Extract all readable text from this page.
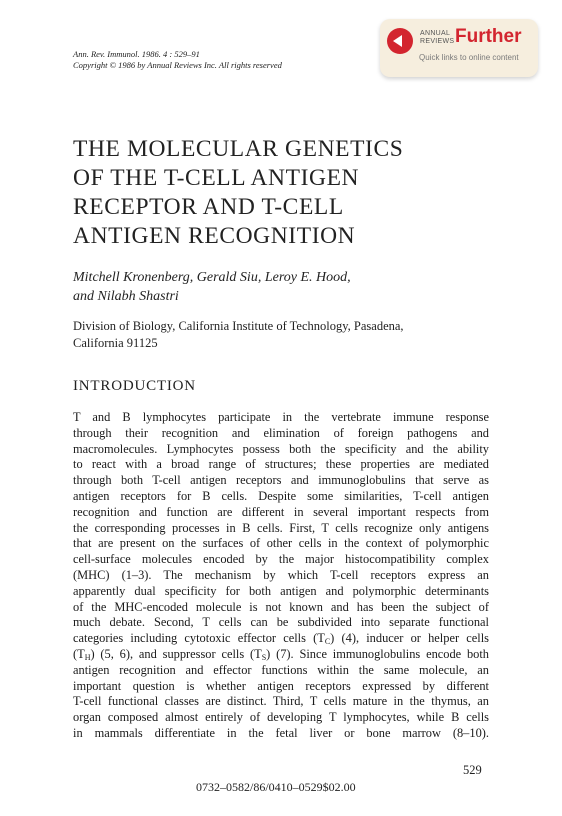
Ann. Rev. Immunol. 1986. 4 : 529–91
Copyright © 1986 by Annual Reviews Inc. All rights reserved
ANNUAL
REVIEWS Further
Quick links to online content
THE MOLECULAR GENETICS
OF THE T-CELL ANTIGEN
RECEPTOR AND T-CELL
ANTIGEN RECOGNITION
Mitchell Kronenberg, Gerald Siu, Leroy E. Hood,
and Nilabh Shastri
Division of Biology, California Institute of Technology, Pasadena,
California 91125
INTRODUCTION
T and B lymphocytes participate in the vertebrate immune response
through their recognition and elimination of foreign pathogens and
macromolecules. Lymphocytes possess both the specificity and the ability
to react with a broad range of structures; these properties are mediated
through both T-cell antigen receptors and immunoglobulins that serve as
antigen receptors for B cells. Despite some similarities, T-cell antigen
recognition and function are different in several important respects from
the corresponding processes in B cells. First, T cells recognize only antigens
that are present on the surfaces of other cells in the context of polymorphic
cell-surface molecules encoded by the major histocompatibility complex
(MHC) (1–3). The mechanism by which T-cell receptors express an
apparently dual specificity for both antigen and polymorphic determinants
of the MHC-encoded molecule is not known and has been the subject of
much debate. Second, T cells can be subdivided into separate functional
categories including cytotoxic effector cells $(T_C)$ (4), inducer or helper cells
$(T_H)$ (5, 6), and suppressor cells $(T_S)$ (7). Since immunoglobulins encode both
antigen recognition and effector functions within the same molecule, an
important question is whether antigen receptors expressed by different
T-cell functional classes are distinct. Third, T cells mature in the thymus, an
organ composed almost entirely of developing T lymphocytes, while B cells
in mammals differentiate in the fetal liver or bone marrow (8–10).
529
0732–0582/86/0410–0529$02.00
